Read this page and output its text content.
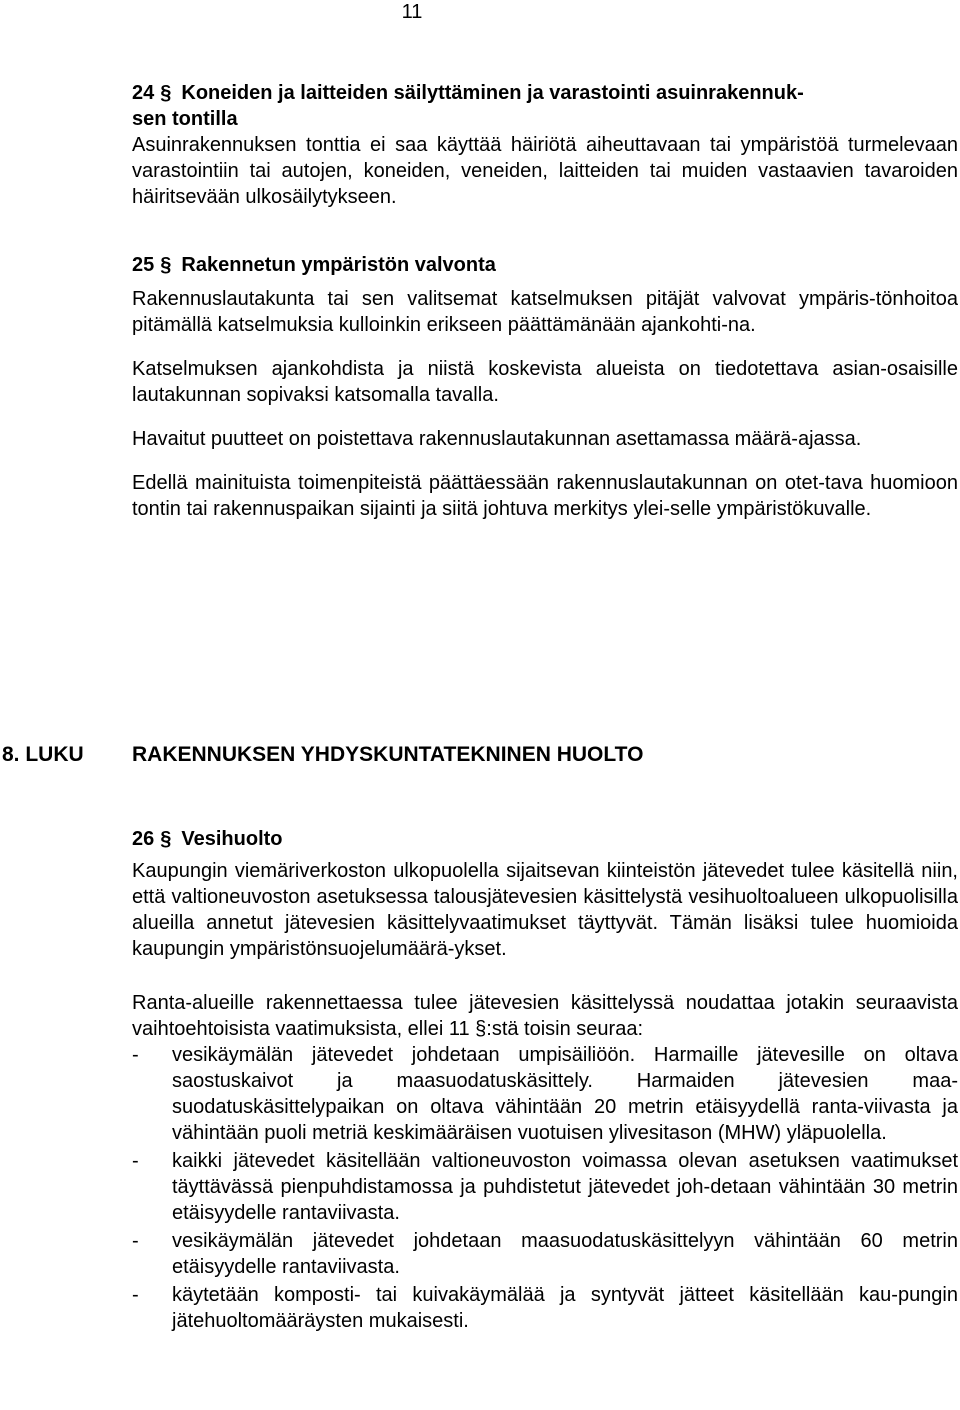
11
24 § Koneiden ja laitteiden säilyttäminen ja varastointi asuinrakennuk-
sen tontilla

Asuinrakennuksen tonttia ei saa käyttää häiriötä aiheuttavaan tai ympäristöä turmelevaan varastointiin tai autojen, koneiden, veneiden, laitteiden tai muiden vastaavien tavaroiden häiritsevään ulkosäilytykseen.

25 § Rakennetun ympäristön valvonta

Rakennuslautakunta tai sen valitsemat katselmuksen pitäjät valvovat ympäris-tönhoitoa pitämällä katselmuksia kulloinkin erikseen päättämänään ajankohti-na.

Katselmuksen ajankohdista ja niistä koskevista alueista on tiedotettava asian-osaisille lautakunnan sopivaksi katsomalla tavalla.

Havaitut puutteet on poistettava rakennuslautakunnan asettamassa määrä-ajassa.

Edellä mainituista toimenpiteistä päättäessään rakennuslautakunnan on otet-tava huomioon tontin tai rakennuspaikan sijainti ja siitä johtuva merkitys ylei-selle ympäristökuvalle.

8. LUKU RAKENNUKSEN YHDYSKUNTATEKNINEN HUOLTO
26 § Vesihuolto

Kaupungin viemäriverkoston ulkopuolella sijaitsevan kiinteistön jätevedet tulee käsitellä niin, että valtioneuvoston asetuksessa talousjätevesien käsittelystä vesihuoltoalueen ulkopuolisilla alueilla annetut jätevesien käsittelyvaatimukset täyttyvät. Tämän lisäksi tulee huomioida kaupungin ympäristönsuojelumäärä-ykset.

Ranta-alueille rakennettaessa tulee jätevesien käsittelyssä noudattaa jotakin seuraavista vaihtoehtoisista vaatimuksista, ellei 11 §:stä toisin seuraa:

- vesikäymälän jätevedet johdetaan umpisäiliöön. Harmaille jätevesille on oltava saostuskaivot ja maasuodatuskäsittely. Harmaiden jätevesien maa-suodatuskäsittelypaikan on oltava vähintään 20 metrin etäisyydellä ranta-viivasta ja vähintään puoli metriä keskimääräisen vuotuisen ylivesitason (MHW) yläpuolella.
- kaikki jätevedet käsitellään valtioneuvoston voimassa olevan asetuksen vaatimukset täyttävässä pienpuhdistamossa ja puhdistetut jätevedet joh-detaan vähintään 30 metrin etäisyydelle rantaviivasta.
- vesikäymälän jätevedet johdetaan maasuodatuskäsittelyyn vähintään 60 metrin etäisyydelle rantaviivasta.
- käytetään komposti- tai kuivakäymälää ja syntyvät jätteet käsitellään kau-pungin jätehuoltomääräysten mukaisesti.
